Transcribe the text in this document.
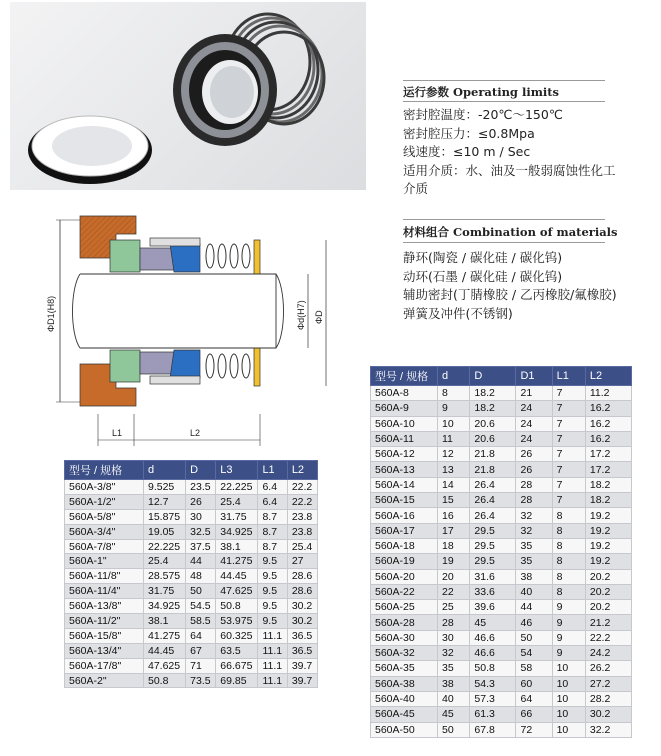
运行参数 Operating limits
密封腔温度：-20℃～150℃
密封腔压力：≤0.8Mpa
线速度：≤10 m / Sec
适用介质：水、油及一般弱腐蚀性化工
介质
材料组合 Combination of materials
静环(陶瓷 / 碳化硅 / 碳化钨)
动环(石墨 / 碳化硅 / 碳化钨)
辅助密封(丁腈橡胶 / 乙丙橡胶/氟橡胶)
弹簧及冲件(不锈钢)
ΦD1(H8)	Φd(H7) ΦD
L1	L2
型号 / 规格	d	D	L3	L1	L2
560A-3/8"	9.525	23.5	22.225	6.4	22.2
560A-1/2"	12.7	26	25.4	6.4	22.2
560A-5/8"	15.875	30	31.75	8.7	23.8
560A-3/4"	19.05	32.5	34.925	8.7	23.8
560A-7/8"	22.225	37.5	38.1	8.7	25.4
560A-1"	25.4	44	41.275	9.5	27
560A-11/8"	28.575	48	44.45	9.5	28.6
560A-11/4"	31.75	50	47.625	9.5	28.6
560A-13/8"	34.925	54.5	50.8	9.5	30.2
560A-11/2"	38.1	58.5	53.975	9.5	30.2
560A-15/8"	41.275	64	60.325	11.1	36.5
560A-13/4"	44.45	67	63.5	11.1	36.5
560A-17/8"	47.625	71	66.675	11.1	39.7
560A-2"	50.8	73.5	69.85	11.1	39.7
型号 / 规格	d	D	D1	L1	L2
560A-8	8	18.2	21	7	11.2
560A-9	9	18.2	24	7	16.2
560A-10	10	20.6	24	7	16.2
560A-11	11	20.6	24	7	16.2
560A-12	12	21.8	26	7	17.2
560A-13	13	21.8	26	7	17.2
560A-14	14	26.4	28	7	18.2
560A-15	15	26.4	28	7	18.2
560A-16	16	26.4	32	8	19.2
560A-17	17	29.5	32	8	19.2
560A-18	18	29.5	35	8	19.2
560A-19	19	29.5	35	8	19.2
560A-20	20	31.6	38	8	20.2
560A-22	22	33.6	40	8	20.2
560A-25	25	39.6	44	9	20.2
560A-28	28	45	46	9	21.2
560A-30	30	46.6	50	9	22.2
560A-32	32	46.6	54	9	24.2
560A-35	35	50.8	58	10	26.2
560A-38	38	54.3	60	10	27.2
560A-40	40	57.3	64	10	28.2
560A-45	45	61.3	66	10	30.2
560A-50	50	67.8	72	10	32.2
